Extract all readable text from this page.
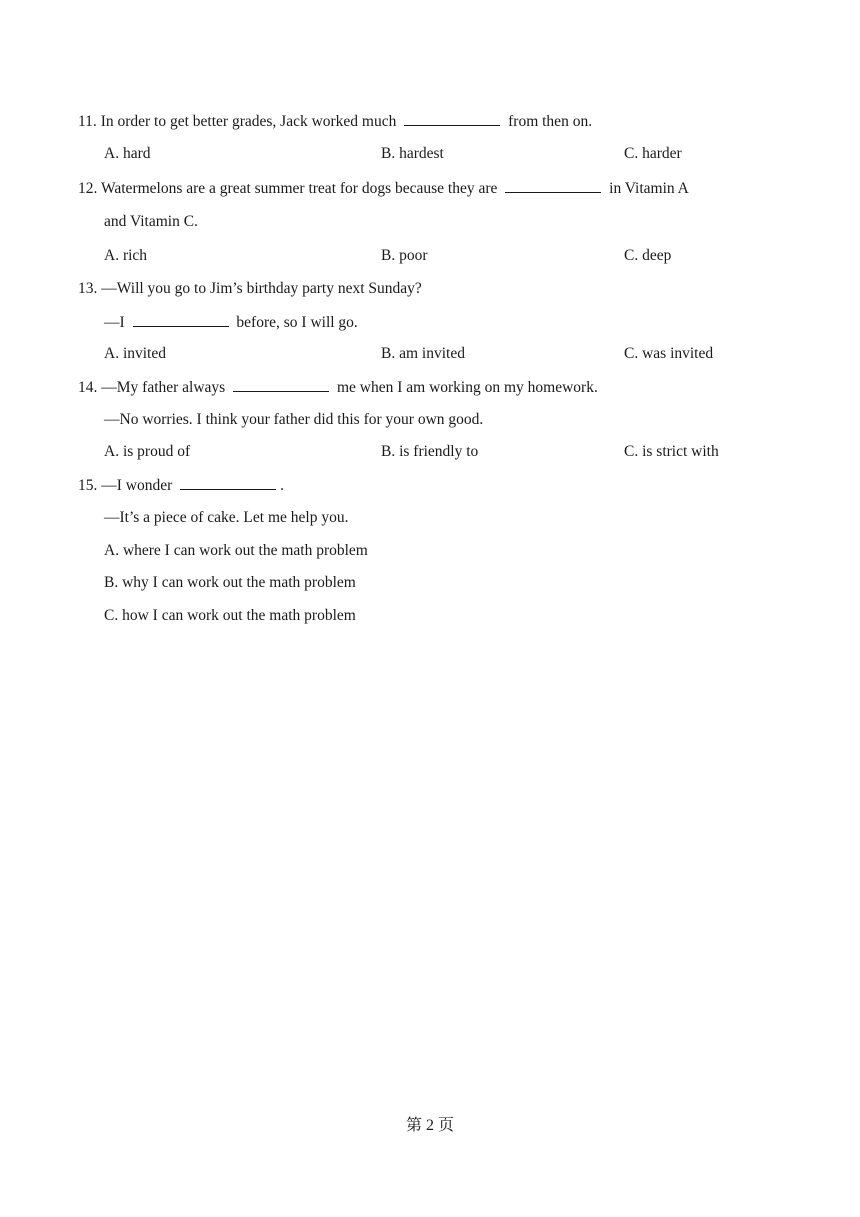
11. In order to get better grades, Jack worked much	from then on.
A. hard	B. hardest	C. harder
12. Watermelons are a great summer treat for dogs because they are	in Vitamin A
and Vitamin C.
A. rich	B. poor	C. deep
13. —Will you go to Jim’s birthday party next Sunday?
—I	before, so I will go.
A. invited	B. am invited	C. was invited
14. —My father always	me when I am working on my homework.
—No worries. I think your father did this for your own good.
A. is proud of	B. is friendly to	C. is strict with
15. —I wonder	.
—It’s a piece of cake. Let me help you.
A. where I can work out the math problem
B. why I can work out the math problem
C. how I can work out the math problem
第 2 页
